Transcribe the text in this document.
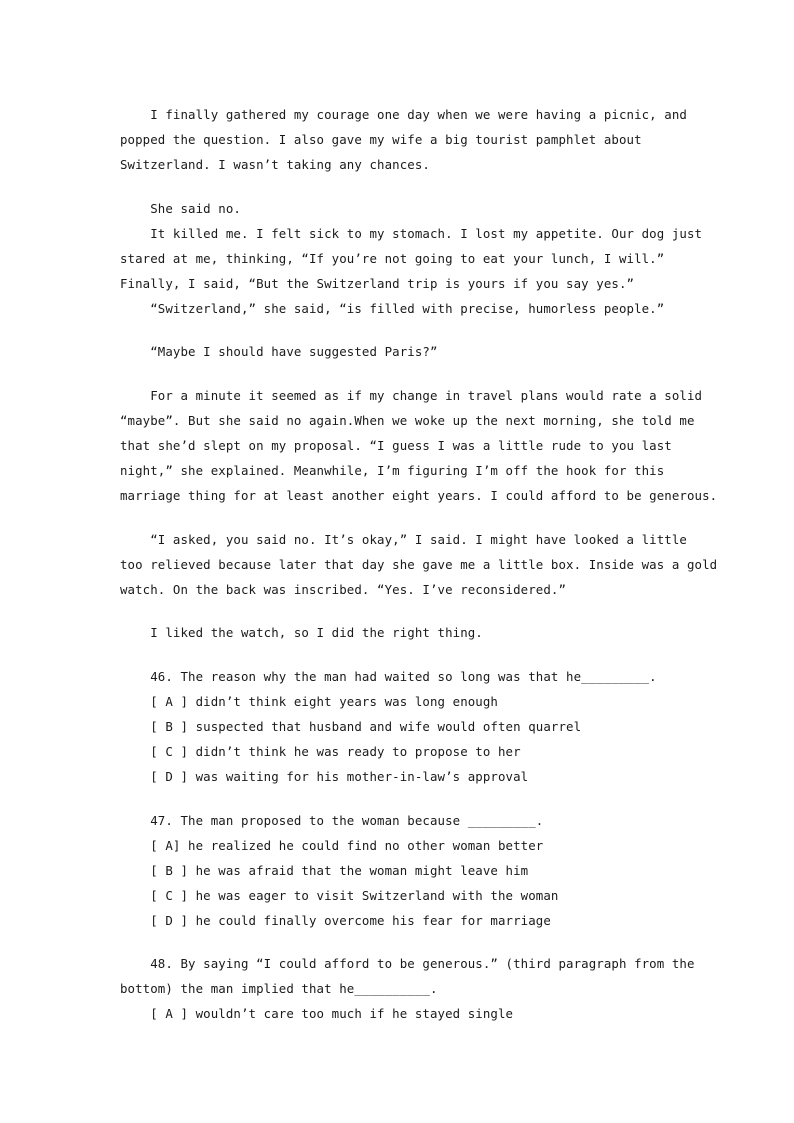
I finally gathered my courage one day when we were having a picnic, and
popped the question. I also gave my wife a big tourist pamphlet about
Switzerland. I wasn’t taking any chances.
She said no.
It killed me. I felt sick to my stomach. I lost my appetite. Our dog just
stared at me, thinking, “If you’re not going to eat your lunch, I will.”
Finally, I said, “But the Switzerland trip is yours if you say yes.”
“Switzerland,” she said, “is filled with precise, humorless people.”
“Maybe I should have suggested Paris?”
For a minute it seemed as if my change in travel plans would rate a solid
“maybe”. But she said no again.When we woke up the next morning, she told me
that she’d slept on my proposal. “I guess I was a little rude to you last
night,” she explained. Meanwhile, I’m figuring I’m off the hook for this
marriage thing for at least another eight years. I could afford to be generous.
“I asked, you said no. It’s okay,” I said. I might have looked a little
too relieved because later that day she gave me a little box. Inside was a gold
watch. On the back was inscribed. “Yes. I’ve reconsidered.”
I liked the watch, so I did the right thing.
46. The reason why the man had waited so long was that he_________.
[ A ] didn’t think eight years was long enough
[ B ] suspected that husband and wife would often quarrel
[ C ] didn’t think he was ready to propose to her
[ D ] was waiting for his mother-in-law’s approval
47. The man proposed to the woman because _________.
[ A] he realized he could find no other woman better
[ B ] he was afraid that the woman might leave him
[ C ] he was eager to visit Switzerland with the woman
[ D ] he could finally overcome his fear for marriage
48. By saying “I could afford to be generous.” (third paragraph from the
bottom) the man implied that he__________.
[ A ] wouldn’t care too much if he stayed single
